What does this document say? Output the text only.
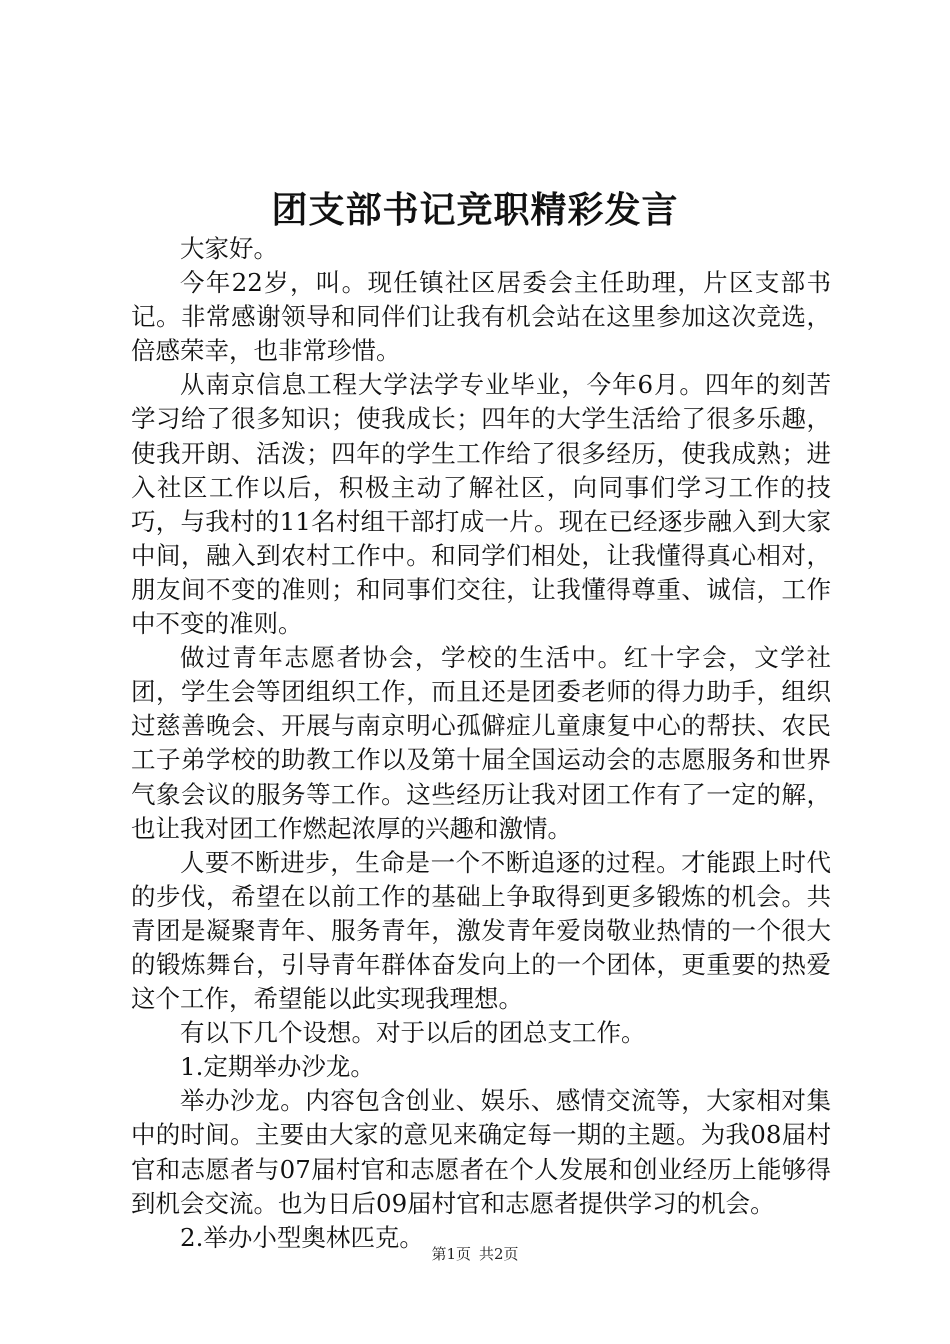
团支部书记竞职精彩发言

大家好。

今年22岁，叫。现任镇社区居委会主任助理，片区支部书记。非常感谢领导和同伴们让我有机会站在这里参加这次竞选，倍感荣幸，也非常珍惜。

从南京信息工程大学法学专业毕业，今年6月。四年的刻苦学习给了很多知识；使我成长；四年的大学生活给了很多乐趣，使我开朗、活泼；四年的学生工作给了很多经历，使我成熟；进入社区工作以后，积极主动了解社区，向同事们学习工作的技巧，与我村的11名村组干部打成一片。现在已经逐步融入到大家中间，融入到农村工作中。和同学们相处，让我懂得真心相对，朋友间不变的准则；和同事们交往，让我懂得尊重、诚信，工作中不变的准则。

做过青年志愿者协会，学校的生活中。红十字会，文学社团，学生会等团组织工作，而且还是团委老师的得力助手，组织过慈善晚会、开展与南京明心孤僻症儿童康复中心的帮扶、农民工子弟学校的助教工作以及第十届全国运动会的志愿服务和世界气象会议的服务等工作。这些经历让我对团工作有了一定的解，也让我对团工作燃起浓厚的兴趣和激情。

人要不断进步，生命是一个不断追逐的过程。才能跟上时代的步伐，希望在以前工作的基础上争取得到更多锻炼的机会。共青团是凝聚青年、服务青年，激发青年爱岗敬业热情的一个很大的锻炼舞台，引导青年群体奋发向上的一个团体，更重要的热爱这个工作，希望能以此实现我理想。

有以下几个设想。对于以后的团总支工作。

1.定期举办沙龙。

举办沙龙。内容包含创业、娱乐、感情交流等，大家相对集中的时间。主要由大家的意见来确定每一期的主题。为我08届村官和志愿者与07届村官和志愿者在个人发展和创业经历上能够得到机会交流。也为日后09届村官和志愿者提供学习的机会。

2.举办小型奥林匹克。

第1页 共2页
